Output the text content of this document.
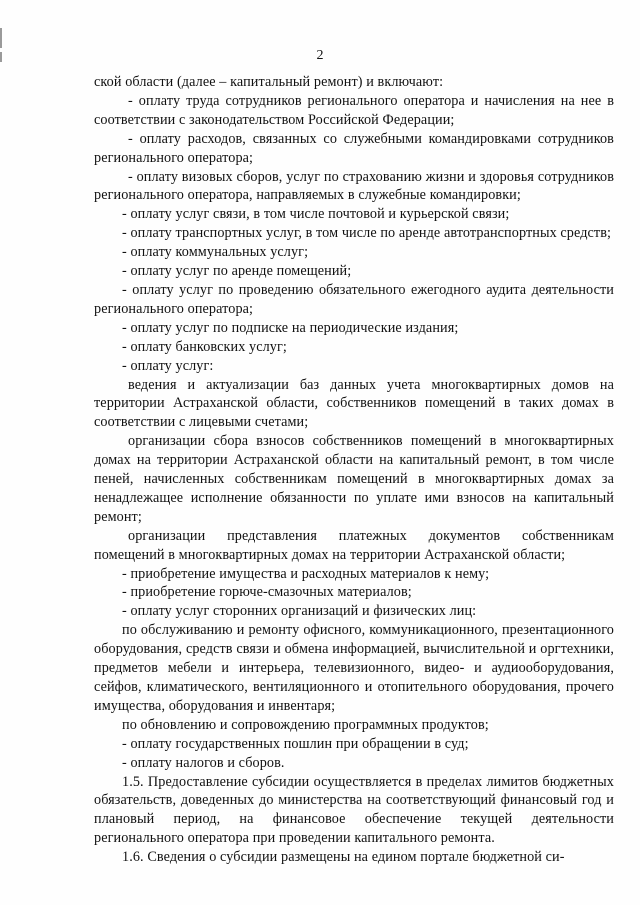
2

ской области (далее – капитальный ремонт) и включают:

- оплату труда сотрудников регионального оператора и начисления на нее в соответствии с законодательством Российской Федерации;

- оплату расходов, связанных со служебными командировками сотрудников регионального оператора;

- оплату визовых сборов, услуг по страхованию жизни и здоровья сотрудников регионального оператора, направляемых в служебные командировки;

- оплату услуг связи, в том числе почтовой и курьерской связи;

- оплату транспортных услуг, в том числе по аренде автотранспортных средств;

- оплату коммунальных услуг;

- оплату услуг по аренде помещений;

- оплату услуг по проведению обязательного ежегодного аудита деятельности регионального оператора;

- оплату услуг по подписке на периодические издания;

- оплату банковских услуг;

- оплату услуг:

ведения и актуализации баз данных учета многоквартирных домов на территории Астраханской области, собственников помещений в таких домах в соответствии с лицевыми счетами;

организации сбора взносов собственников помещений в многоквартирных домах на территории Астраханской области на капитальный ремонт, в том числе пеней, начисленных собственникам помещений в многоквартирных домах за ненадлежащее исполнение обязанности по уплате ими взносов на капитальный ремонт;

организации представления платежных документов собственникам помещений в многоквартирных домах на территории Астраханской области;

- приобретение имущества и расходных материалов к нему;

- приобретение горюче-смазочных материалов;

- оплату услуг сторонних организаций и физических лиц:

по обслуживанию и ремонту офисного, коммуникационного, презентационного оборудования, средств связи и обмена информацией, вычислительной и оргтехники, предметов мебели и интерьера, телевизионного, видео- и аудиооборудования, сейфов, климатического, вентиляционного и отопительного оборудования, прочего имущества, оборудования и инвентаря;

по обновлению и сопровождению программных продуктов;

- оплату государственных пошлин при обращении в суд;

- оплату налогов и сборов.

1.5. Предоставление субсидии осуществляется в пределах лимитов бюджетных обязательств, доведенных до министерства на соответствующий финансовый год и плановый период, на финансовое обеспечение текущей деятельности регионального оператора при проведении капитального ремонта.

1.6. Сведения о субсидии размещены на едином портале бюджетной си-
